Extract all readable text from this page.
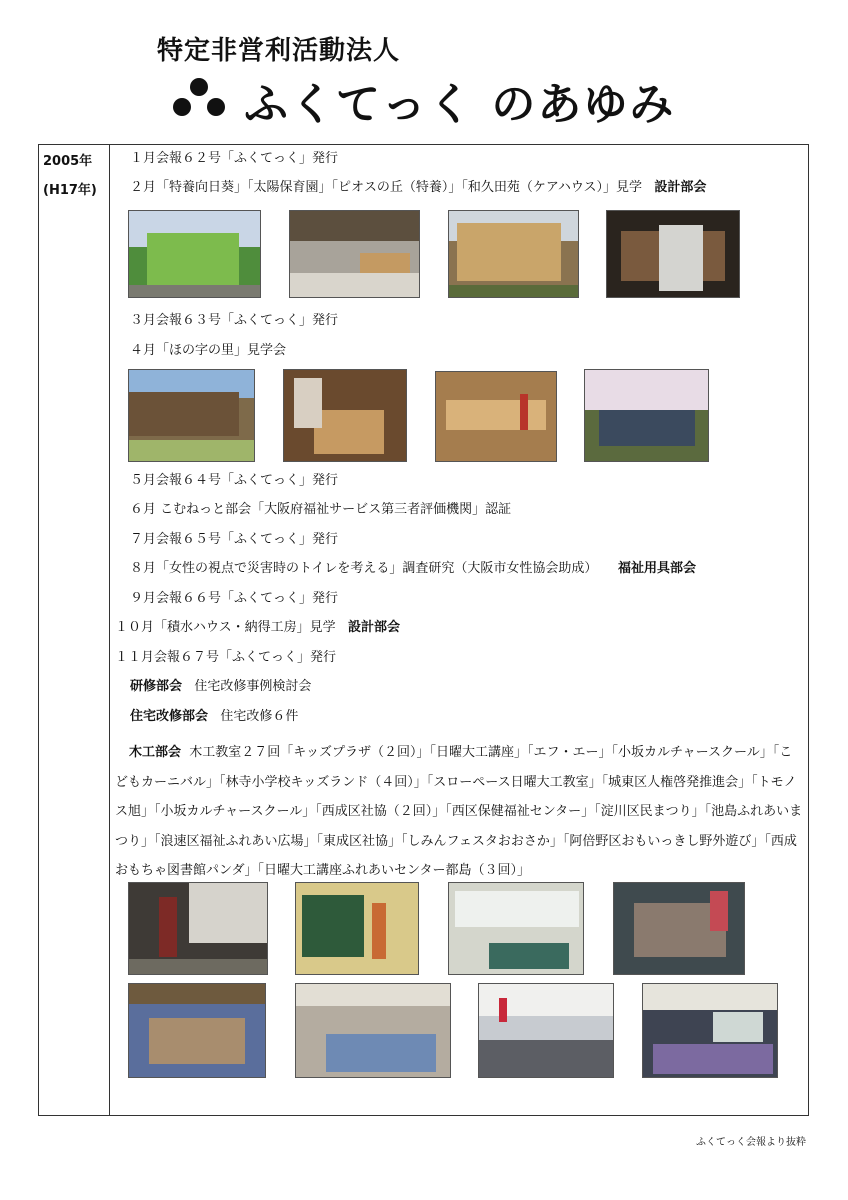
特定非営利活動法人
ふくてっく のあゆみ
2005年
(H17年)
１月会報６２号「ふくてっく」発行
２月「特養向日葵」「太陽保育園」「ピオスの丘（特養）」「和久田苑（ケアハウス）」見学 設計部会
３月会報６３号「ふくてっく」発行
４月「ほの字の里」見学会
５月会報６４号「ふくてっく」発行
６月 こむねっと部会「大阪府福祉サービス第三者評価機関」認証
７月会報６５号「ふくてっく」発行
８月「女性の視点で災害時のトイレを考える」調査研究（大阪市女性協会助成） 福祉用具部会
９月会報６６号「ふくてっく」発行
１０月「積水ハウス・納得工房」見学 設計部会
１１月会報６７号「ふくてっく」発行
研修部会 住宅改修事例検討会
住宅改修部会 住宅改修６件
木工部会 木工教室２７回「キッズプラザ（２回）」「日曜大工講座」「エフ・エー」「小坂カルチャースクール」「こどもカーニバル」「林寺小学校キッズランド（４回）」「スローペース日曜大工教室」「城東区人権啓発推進会」「トモノス旭」「小坂カルチャースクール」「西成区社協（２回）」「西区保健福祉センター」「淀川区民まつり」「池島ふれあいまつり」「浪速区福祉ふれあい広場」「東成区社協」「しみんフェスタおおさか」「阿倍野区おもいっきし野外遊び」「西成おもちゃ図書館パンダ」「日曜大工講座ふれあいセンター都島（３回）」
ふくてっく会報より抜粋
